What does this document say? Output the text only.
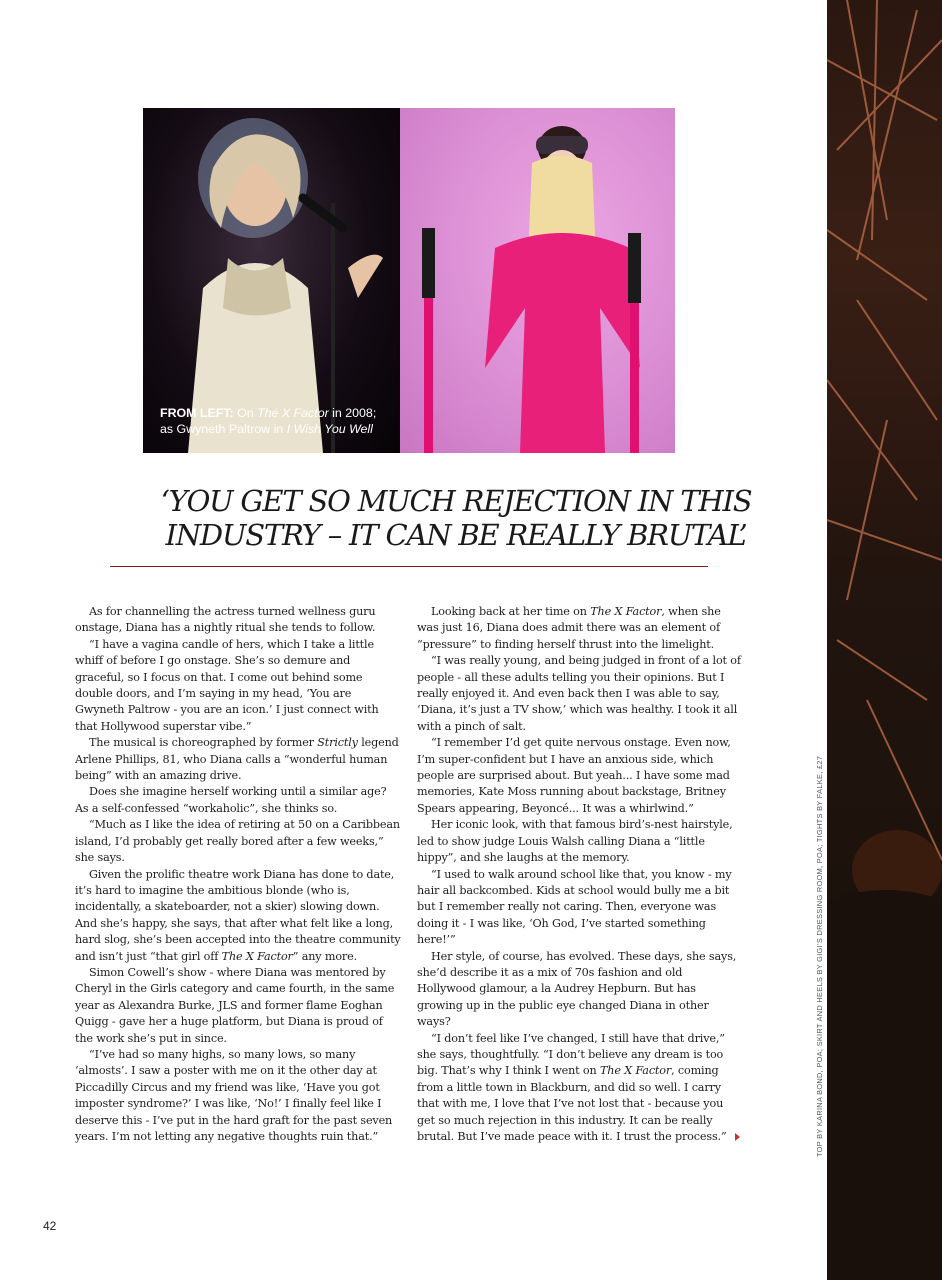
FROM LEFT: On The X Factor in 2008;
as Gwyneth Paltrow in I Wish You Well
‘YOU GET SO MUCH REJECTION IN THIS
INDUSTRY – IT CAN BE REALLY BRUTAL’

As for channelling the actress turned wellness guru onstage, Diana has a nightly ritual she tends to follow.

“I have a vagina candle of hers, which I take a little whiff of before I go onstage. She’s so demure and graceful, so I focus on that. I come out behind some double doors, and I’m saying in my head, ‘You are Gwyneth Paltrow - you are an icon.’ I just connect with that Hollywood superstar vibe.”

The musical is choreographed by former Strictly legend Arlene Phillips, 81, who Diana calls a “wonderful human being” with an amazing drive.

Does she imagine herself working until a similar age? As a self-confessed “workaholic”, she thinks so.

“Much as I like the idea of retiring at 50 on a Caribbean island, I’d probably get really bored after a few weeks,” she says.

Given the prolific theatre work Diana has done to date, it’s hard to imagine the ambitious blonde (who is, incidentally, a skateboarder, not a skier) slowing down. And she’s happy, she says, that after what felt like a long, hard slog, she’s been accepted into the theatre community and isn’t just “that girl off The X Factor” any more.

Simon Cowell’s show - where Diana was mentored by Cheryl in the Girls category and came fourth, in the same year as Alexandra Burke, JLS and former flame Eoghan Quigg - gave her a huge platform, but Diana is proud of the work she’s put in since.

“I’ve had so many highs, so many lows, so many ‘almosts’. I saw a poster with me on it the other day at Piccadilly Circus and my friend was like, ‘Have you got imposter syndrome?’ I was like, ‘No!’ I finally feel like I deserve this - I’ve put in the hard graft for the past seven years. I’m not letting any negative thoughts ruin that.”

Looking back at her time on The X Factor, when she was just 16, Diana does admit there was an element of “pressure” to finding herself thrust into the limelight.

“I was really young, and being judged in front of a lot of people - all these adults telling you their opinions. But I really enjoyed it. And even back then I was able to say, ‘Diana, it’s just a TV show,’ which was healthy. I took it all with a pinch of salt.

“I remember I’d get quite nervous onstage. Even now, I’m super-confident but I have an anxious side, which people are surprised about. But yeah... I have some mad memories, Kate Moss running about backstage, Britney Spears appearing, Beyoncé... It was a whirlwind.”

Her iconic look, with that famous bird’s-nest hairstyle, led to show judge Louis Walsh calling Diana a “little hippy”, and she laughs at the memory.

“I used to walk around school like that, you know - my hair all backcombed. Kids at school would bully me a bit but I remember really not caring. Then, everyone was doing it - I was like, ‘Oh God, I’ve started something here!’”

Her style, of course, has evolved. These days, she says, she’d describe it as a mix of 70s fashion and old Hollywood glamour, a la Audrey Hepburn. But has growing up in the public eye changed Diana in other ways?

“I don’t feel like I’ve changed, I still have that drive,” she says, thoughtfully. “I don’t believe any dream is too big. That’s why I think I went on The X Factor, coming from a little town in Blackburn, and did so well. I carry that with me, I love that I’ve not lost that - because you get so much rejection in this industry. It can be really brutal. But I’ve made peace with it. I trust the process.”

42
TOP BY KARINA BOND, POA; SKIRT AND HEELS BY GIGI’S DRESSING ROOM, POA; TIGHTS BY FALKE, £27
